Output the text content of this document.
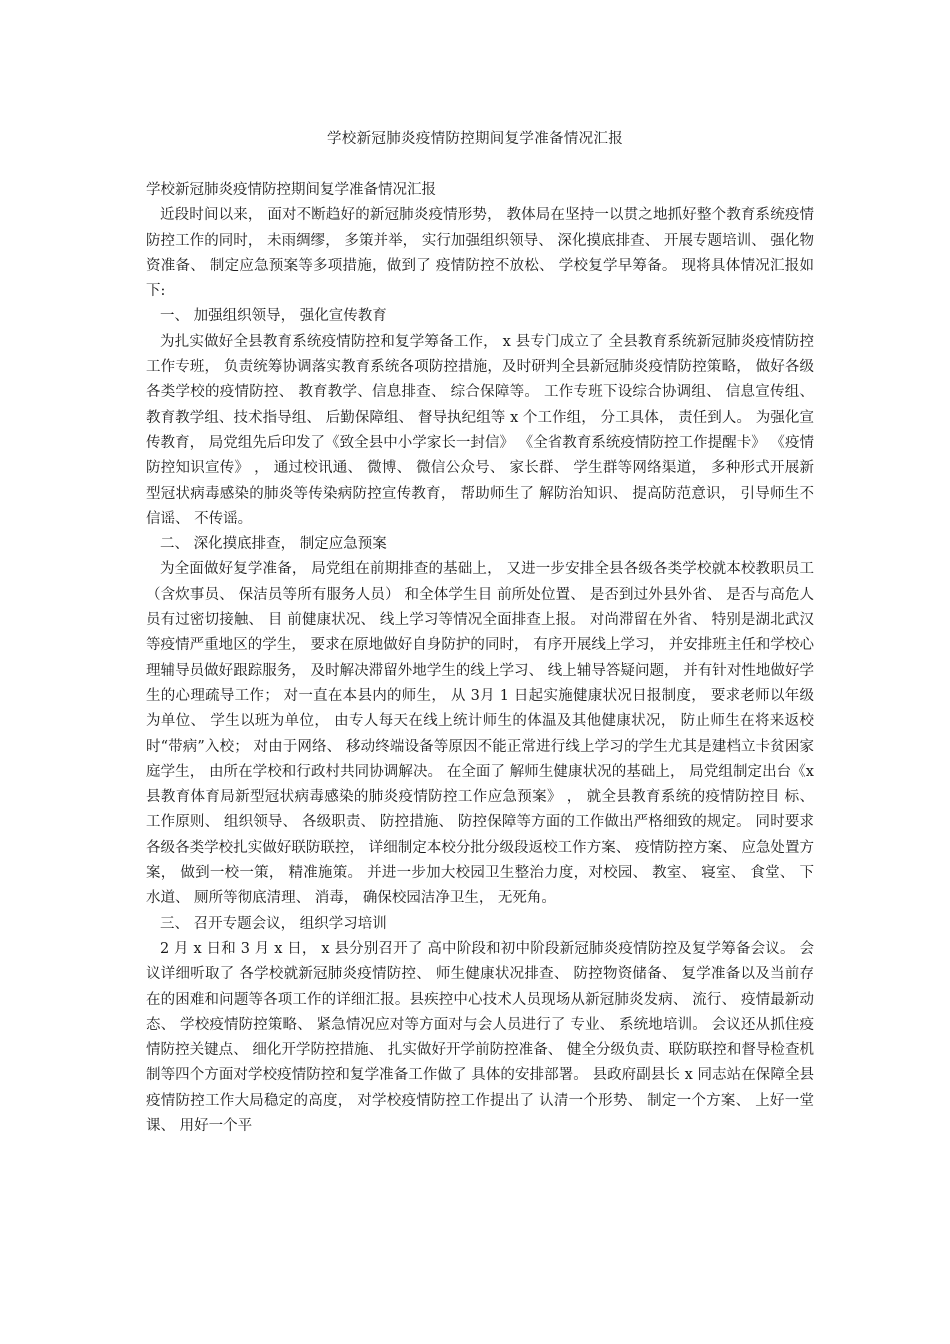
学校新冠肺炎疫情防控期间复学准备情况汇报

学校新冠肺炎疫情防控期间复学准备情况汇报

近段时间以来， 面对不断趋好的新冠肺炎疫情形势， 教体局在坚持一以贯之地抓好整个教育系统疫情防控工作的同时， 未雨绸缪， 多策并举， 实行加强组织领导、 深化摸底排查、 开展专题培训、 强化物资准备、 制定应急预案等多项措施，做到了 疫情防控不放松、 学校复学早筹备。 现将具体情况汇报如下:

一、 加强组织领导， 强化宣传教育

为扎实做好全县教育系统疫情防控和复学筹备工作， x 县专门成立了 全县教育系统新冠肺炎疫情防控工作专班， 负责统筹协调落实教育系统各项防控措施，及时研判全县新冠肺炎疫情防控策略， 做好各级各类学校的疫情防控、 教育教学、信息排查、 综合保障等。 工作专班下设综合协调组、 信息宣传组、 教育教学组、技术指导组、 后勤保障组、 督导执纪组等 x 个工作组， 分工具体， 责任到人。 为强化宣传教育， 局党组先后印发了《致全县中小学家长一封信》 《全省教育系统疫情防控工作提醒卡》 《疫情防控知识宣传》 ， 通过校讯通、 微博、 微信公众号、 家长群、 学生群等网络渠道， 多种形式开展新型冠状病毒感染的肺炎等传染病防控宣传教育， 帮助师生了 解防治知识、 提高防范意识， 引导师生不信谣、 不传谣。

二、 深化摸底排查， 制定应急预案

为全面做好复学准备， 局党组在前期排查的基础上， 又进一步安排全县各级各类学校就本校教职员工（含炊事员、 保洁员等所有服务人员） 和全体学生目 前所处位置、 是否到过外县外省、 是否与高危人员有过密切接触、 目 前健康状况、 线上学习等情况全面排查上报。 对尚滞留在外省、 特别是湖北武汉等疫情严重地区的学生， 要求在原地做好自身防护的同时， 有序开展线上学习， 并安排班主任和学校心理辅导员做好跟踪服务， 及时解决滞留外地学生的线上学习、 线上辅导答疑问题， 并有针对性地做好学生的心理疏导工作； 对一直在本县内的师生， 从 3月 1 日起实施健康状况日报制度， 要求老师以年级为单位、 学生以班为单位， 由专人每天在线上统计师生的体温及其他健康状况， 防止师生在将来返校时“带病”入校； 对由于网络、 移动终端设备等原因不能正常进行线上学习的学生尤其是建档立卡贫困家庭学生， 由所在学校和行政村共同协调解决。 在全面了 解师生健康状况的基础上， 局党组制定出台《x 县教育体育局新型冠状病毒感染的肺炎疫情防控工作应急预案》 ， 就全县教育系统的疫情防控目 标、 工作原则、 组织领导、 各级职责、 防控措施、 防控保障等方面的工作做出严格细致的规定。 同时要求各级各类学校扎实做好联防联控， 详细制定本校分批分级段返校工作方案、 疫情防控方案、 应急处置方案， 做到一校一策， 精准施策。 并进一步加大校园卫生整治力度，对校园、 教室、 寝室、 食堂、 下水道、 厕所等彻底清理、 消毒， 确保校园洁净卫生， 无死角。

三、 召开专题会议， 组织学习培训

2 月 x 日和 3 月 x 日， x 县分别召开了 高中阶段和初中阶段新冠肺炎疫情防控及复学筹备会议。 会议详细听取了 各学校就新冠肺炎疫情防控、 师生健康状况排查、 防控物资储备、 复学准备以及当前存在的困难和问题等各项工作的详细汇报。县疾控中心技术人员现场从新冠肺炎发病、 流行、 疫情最新动态、 学校疫情防控策略、 紧急情况应对等方面对与会人员进行了 专业、 系统地培训。 会议还从抓住疫情防控关键点、 细化开学防控措施、 扎实做好开学前防控准备、 健全分级负责、联防联控和督导检查机制等四个方面对学校疫情防控和复学准备工作做了 具体的安排部署。 县政府副县长 x 同志站在保障全县疫情防控工作大局稳定的高度， 对学校疫情防控工作提出了 认清一个形势、 制定一个方案、 上好一堂课、 用好一个平
